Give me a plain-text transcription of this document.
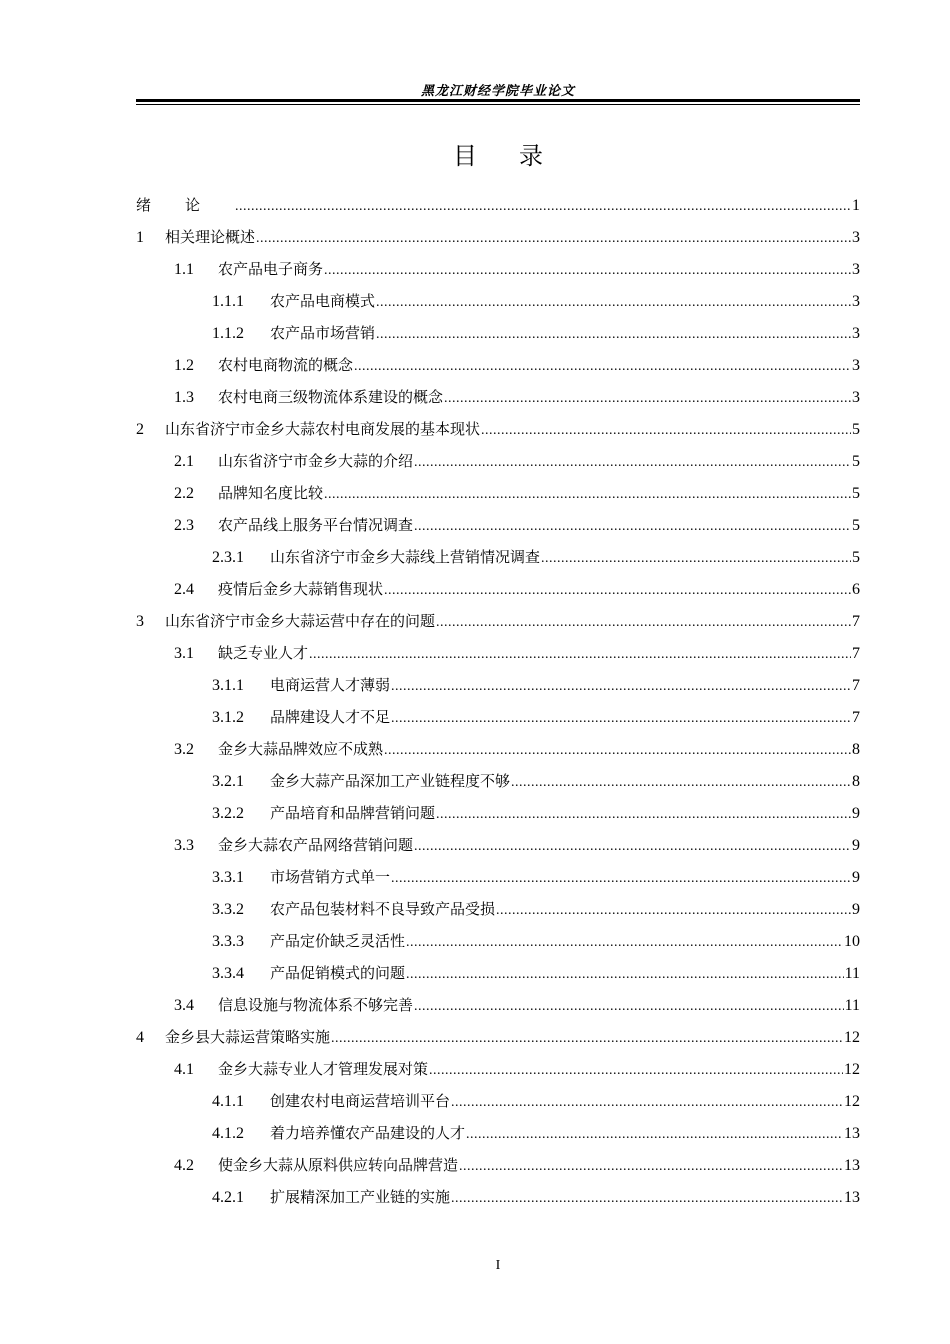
黑龙江财经学院毕业论文
目录
绪论 .....	1
1	相关理论概述 .....	3
1.1	农产品电子商务 .....	3
1.1.1	农产品电商模式 .....	3
1.1.2	农产品市场营销 .....	3
1.2	农村电商物流的概念 .....	3
1.3	农村电商三级物流体系建设的概念 .....	3
2	山东省济宁市金乡大蒜农村电商发展的基本现状 .....	5
2.1	山东省济宁市金乡大蒜的介绍 .....	5
2.2	品牌知名度比较 .....	5
2.3	农产品线上服务平台情况调查 .....	5
2.3.1	山东省济宁市金乡大蒜线上营销情况调查 .....	5
2.4	疫情后金乡大蒜销售现状 .....	6
3	山东省济宁市金乡大蒜运营中存在的问题 .....	7
3.1	缺乏专业人才 .....	7
3.1.1	电商运营人才薄弱 .....	7
3.1.2	品牌建设人才不足 .....	7
3.2	金乡大蒜品牌效应不成熟 .....	8
3.2.1	金乡大蒜产品深加工产业链程度不够 .....	8
3.2.2	产品培育和品牌营销问题 .....	9
3.3	金乡大蒜农产品网络营销问题 .....	9
3.3.1	市场营销方式单一 .....	9
3.3.2	农产品包装材料不良导致产品受损 .....	9
3.3.3	产品定价缺乏灵活性 .....	10
3.3.4	产品促销模式的问题 .....	11
3.4	信息设施与物流体系不够完善 .....	11
4	金乡县大蒜运营策略实施 .....	12
4.1	金乡大蒜专业人才管理发展对策 .....	12
4.1.1	创建农村电商运营培训平台 .....	12
4.1.2	着力培养懂农产品建设的人才 .....	13
4.2	使金乡大蒜从原料供应转向品牌营造 .....	13
4.2.1	扩展精深加工产业链的实施 .....	13
I
